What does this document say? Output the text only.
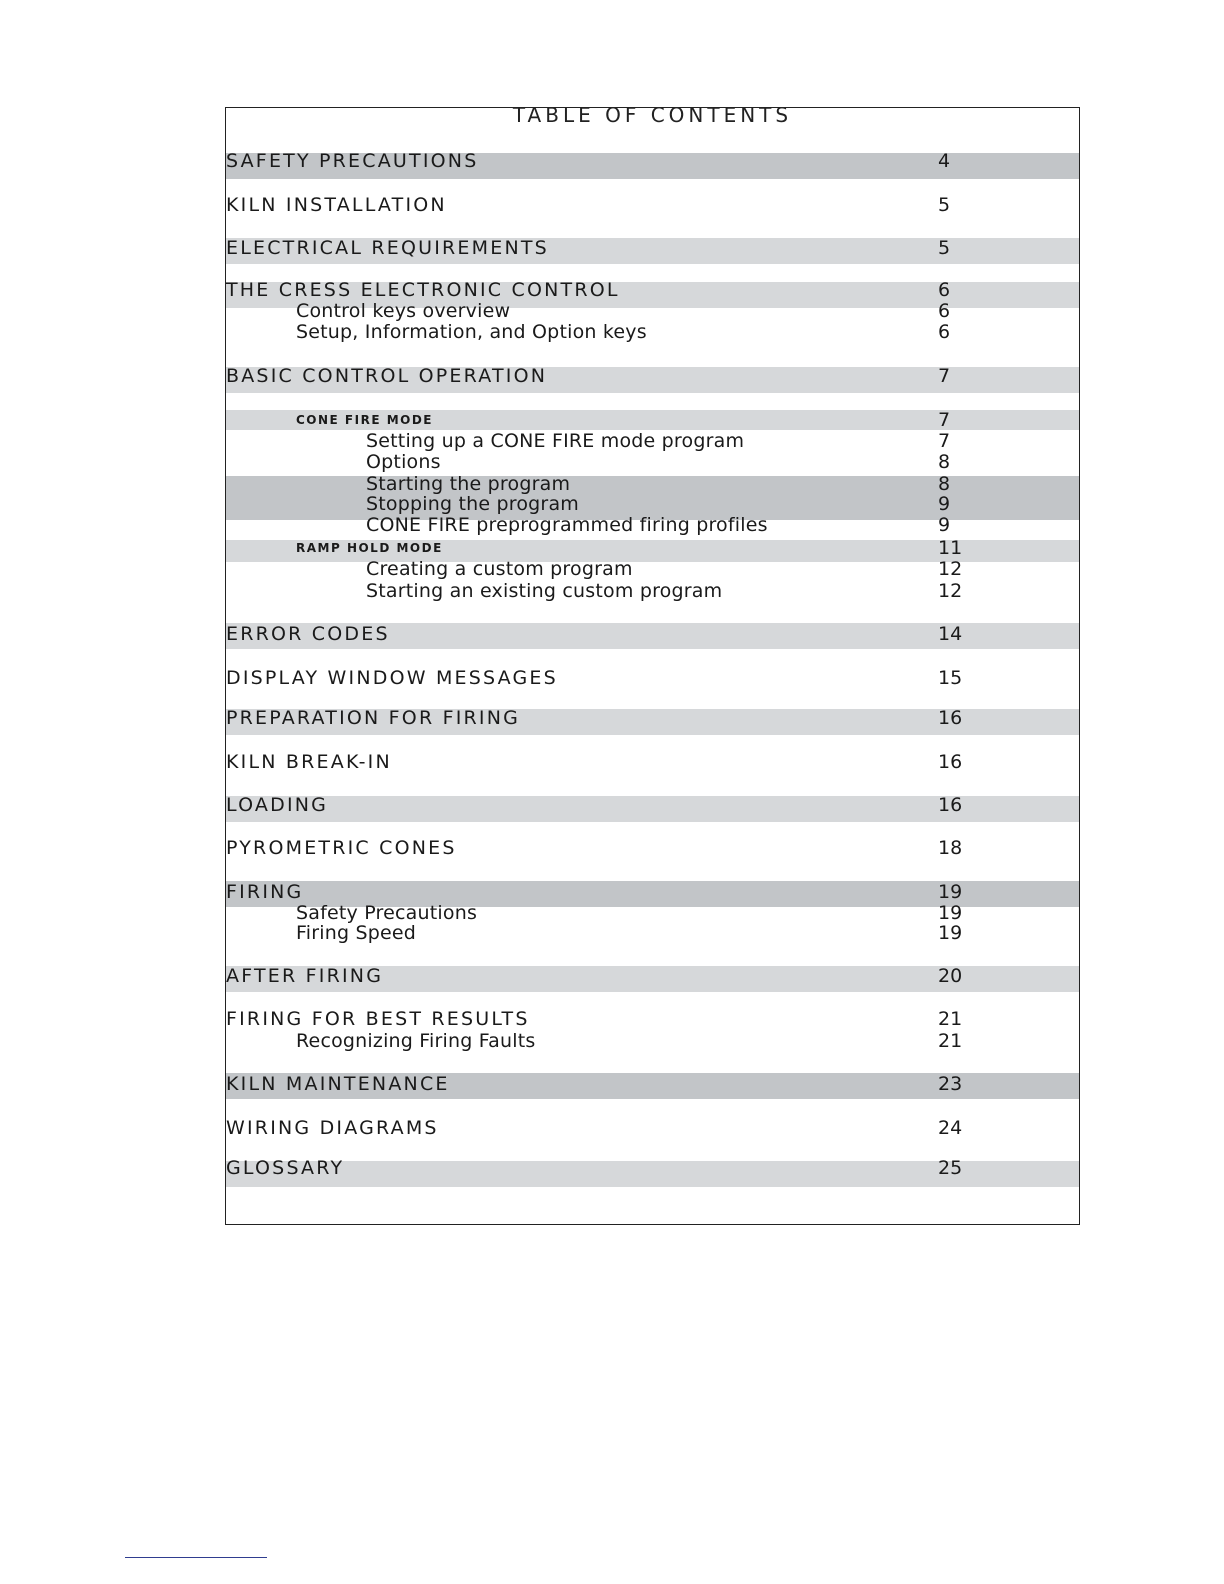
TABLE OF CONTENTS
SAFETY PRECAUTIONS	4
KILN INSTALLATION	5
ELECTRICAL REQUIREMENTS	5
THE CRESS ELECTRONIC CONTROL	6
Control keys overview	6
Setup, Information, and Option keys	6
BASIC CONTROL OPERATION	7
CONE FIRE MODE	7
Setting up a CONE FIRE mode program	7
Options	8
Starting the program	8
Stopping the program	9
CONE FIRE preprogrammed firing profiles	9
RAMP HOLD MODE	11
Creating a custom program	12
Starting an existing custom program	12
ERROR CODES	14
DISPLAY WINDOW MESSAGES	15
PREPARATION FOR FIRING	16
KILN BREAK-IN	16
LOADING	16
PYROMETRIC CONES	18
FIRING	19
Safety Precautions	19
Firing Speed	19
AFTER FIRING	20
FIRING FOR BEST RESULTS	21
Recognizing Firing Faults	21
KILN MAINTENANCE	23
WIRING DIAGRAMS	24
GLOSSARY	25
